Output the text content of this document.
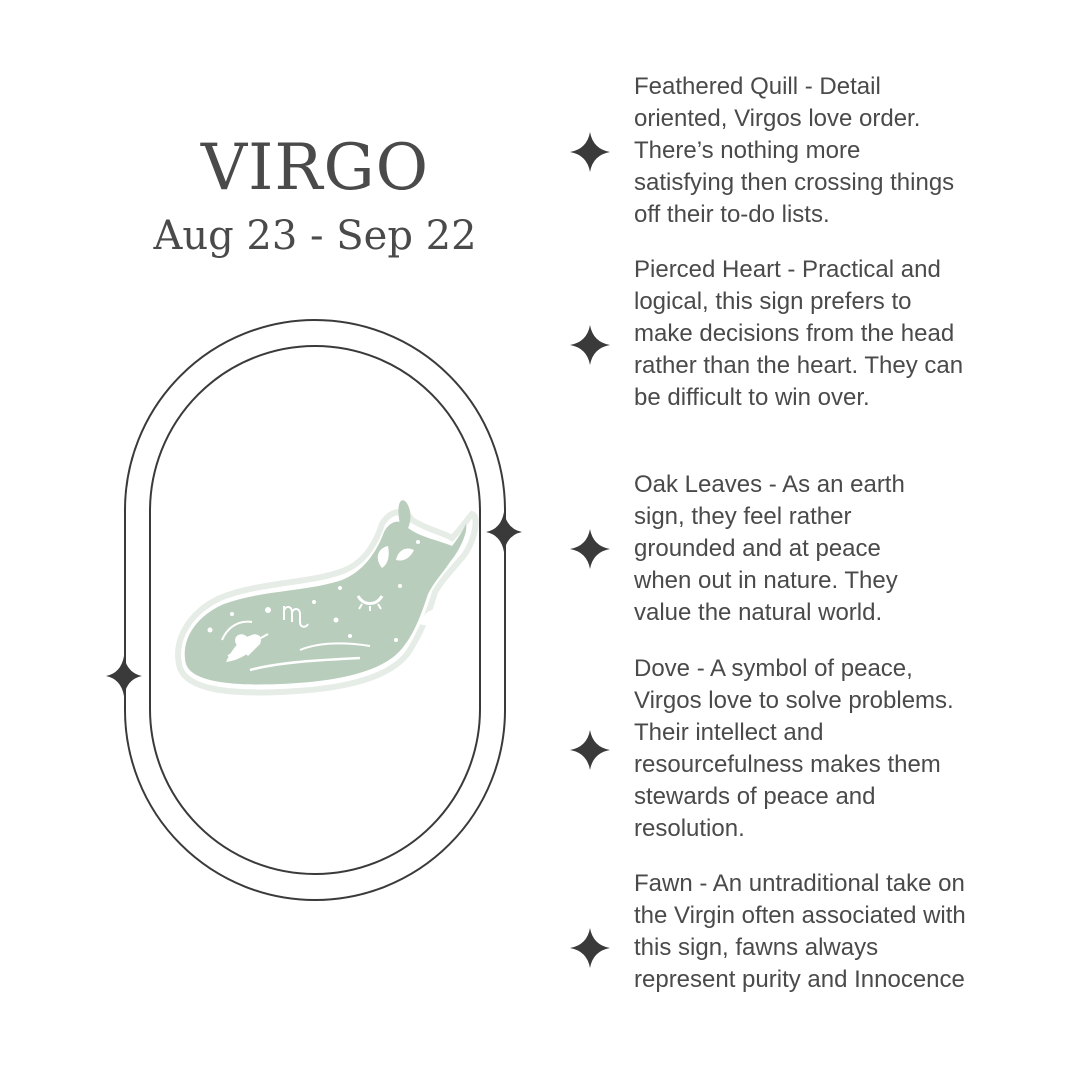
VIRGO
Aug 23 - Sep 22
Feathered Quill - Detail oriented, Virgos love order. There’s nothing more satisfying then crossing things off their to-do lists.
Pierced Heart - Practical and logical, this sign prefers to make decisions from the head rather than the heart. They can be difficult to win over.
Oak Leaves - As an earth sign, they feel rather grounded and at peace when out in nature. They value the natural world.
Dove - A symbol of peace, Virgos love to solve problems. Their intellect and resourcefulness makes them stewards of peace and resolution.
Fawn - An untraditional take on the Virgin often associated with this sign, fawns always represent purity and Innocence
